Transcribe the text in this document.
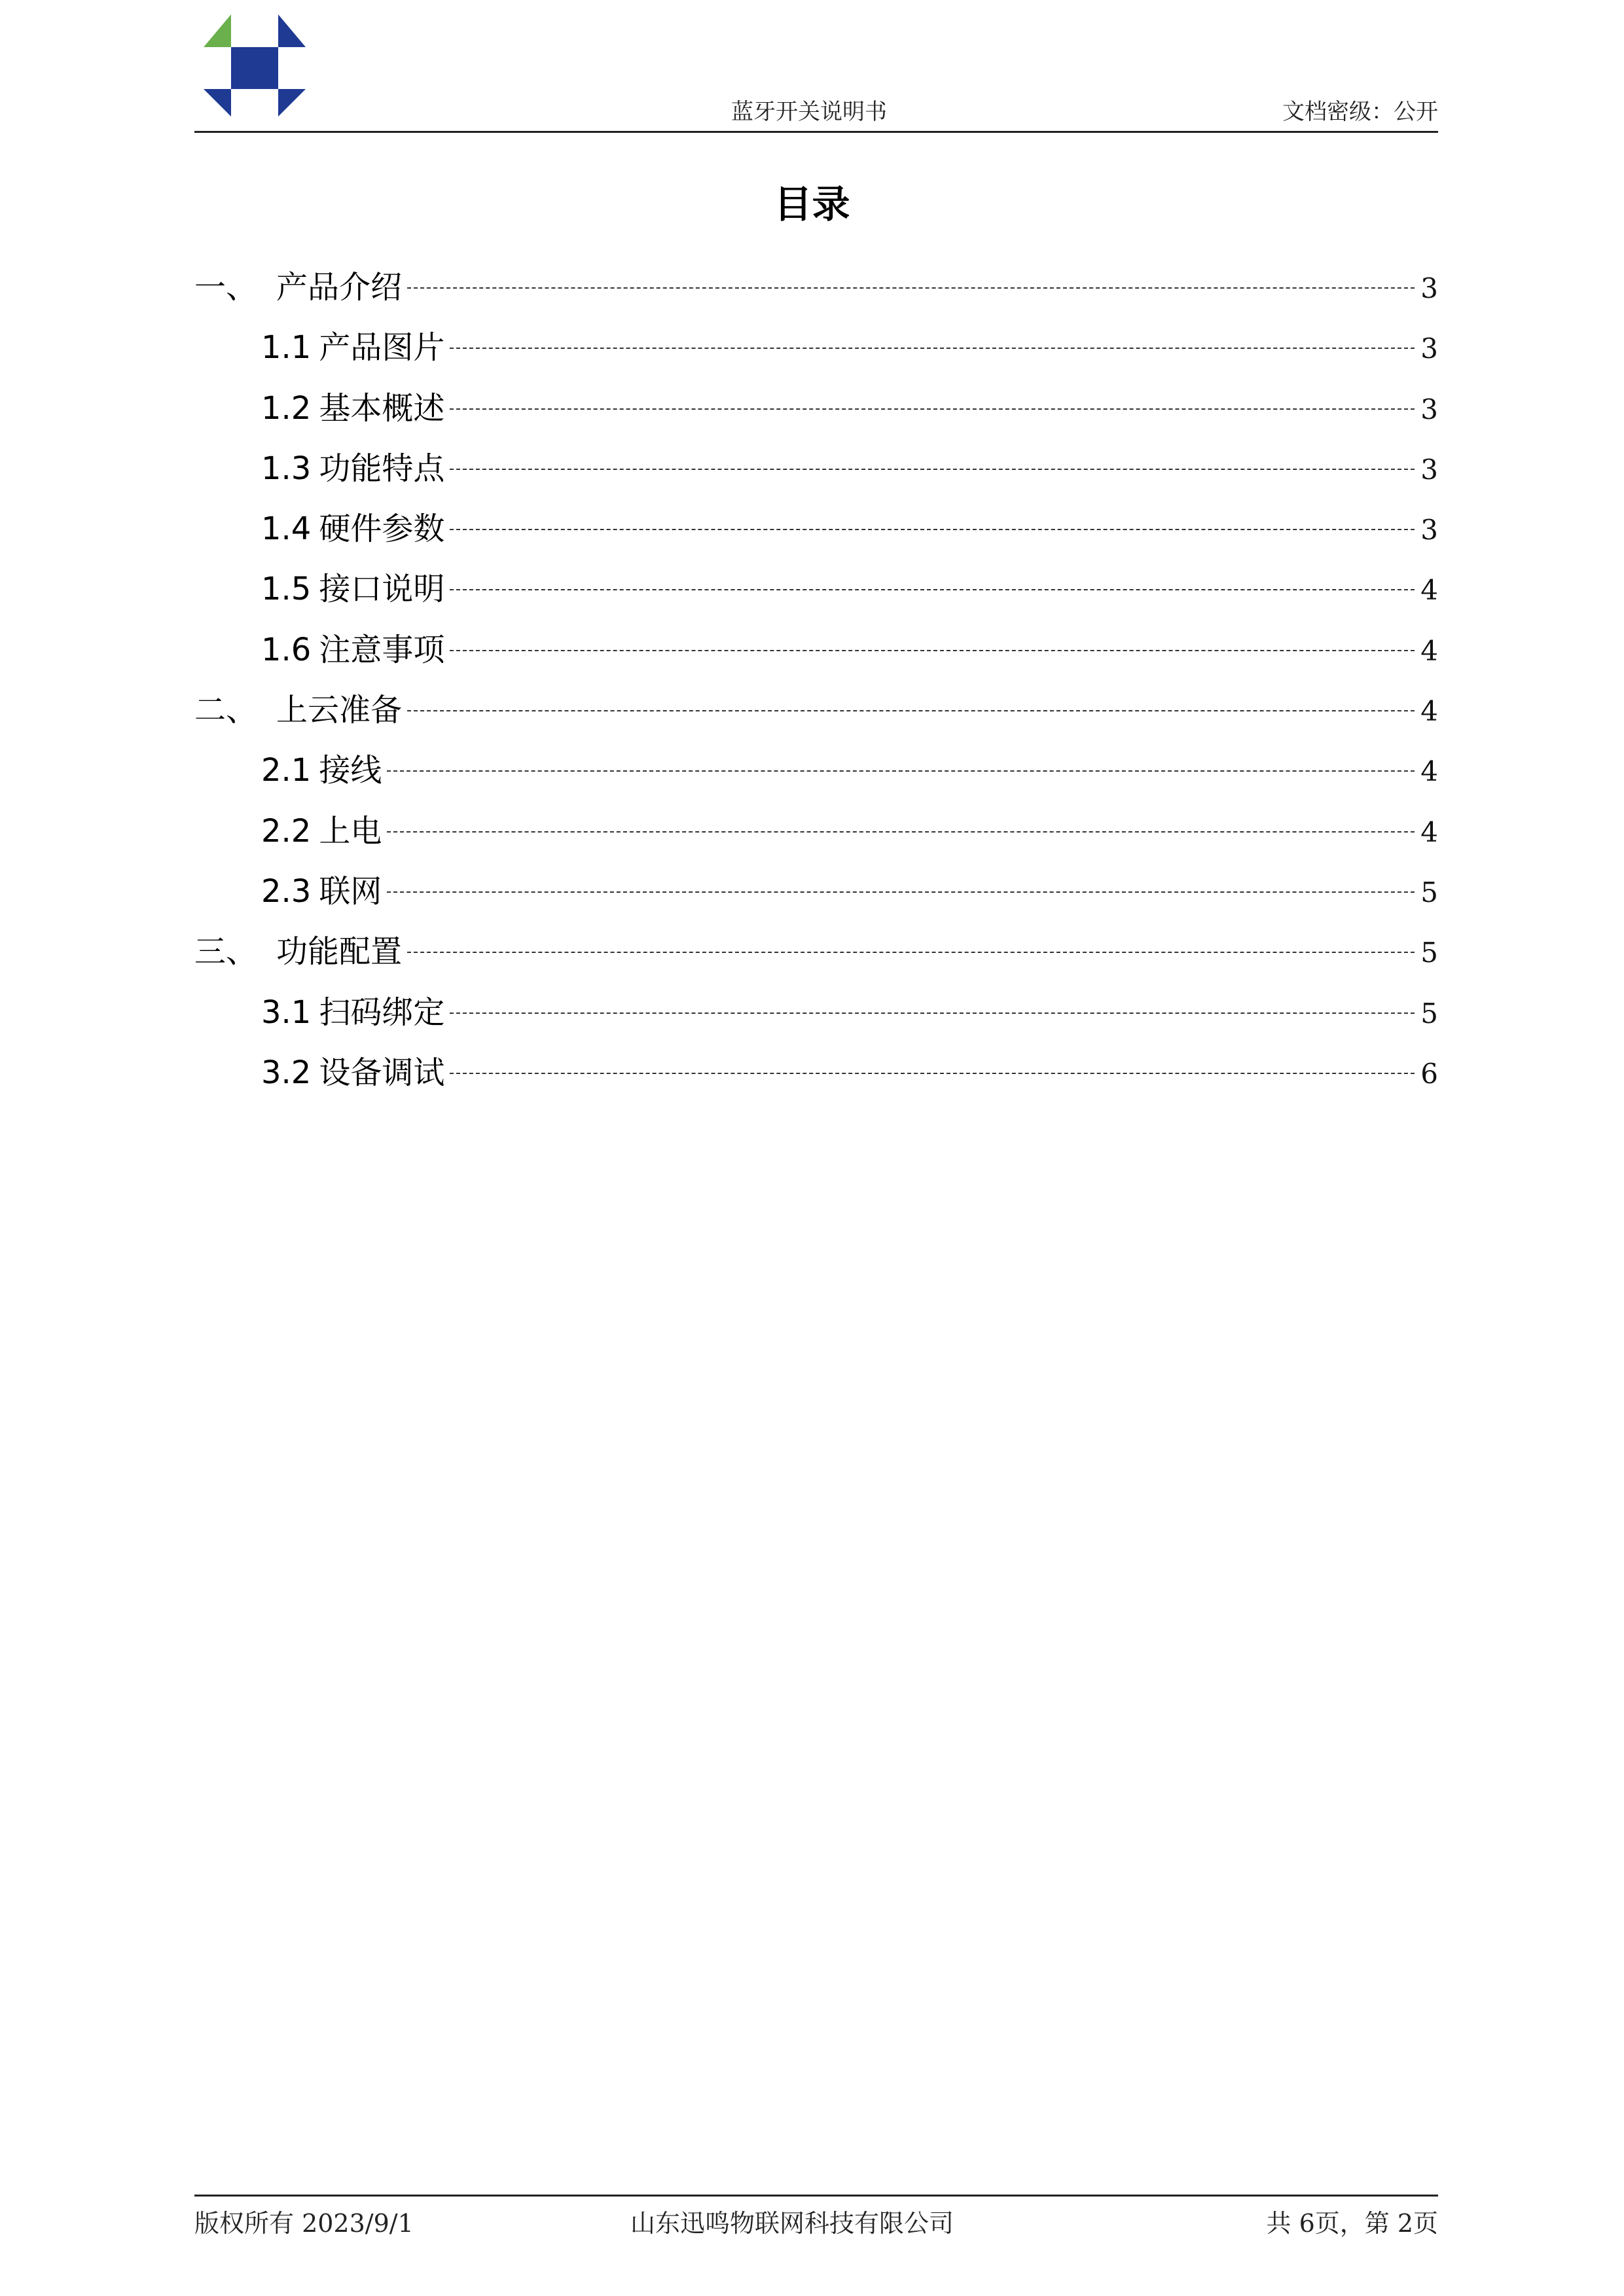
蓝牙开关说明书	文档密级：公开
目录
一、 产品介绍	3
1.1 产品图片	3
1.2 基本概述	3
1.3 功能特点	3
1.4 硬件参数	3
1.5 接口说明	4
1.6 注意事项	4
二、 上云准备	4
2.1 接线	4
2.2 上电	4
2.3 联网	5
三、 功能配置	5
3.1 扫码绑定	5
3.2 设备调试	6
版权所有 2023/9/1	山东迅鸣物联网科技有限公司	共 6页，第 2页
